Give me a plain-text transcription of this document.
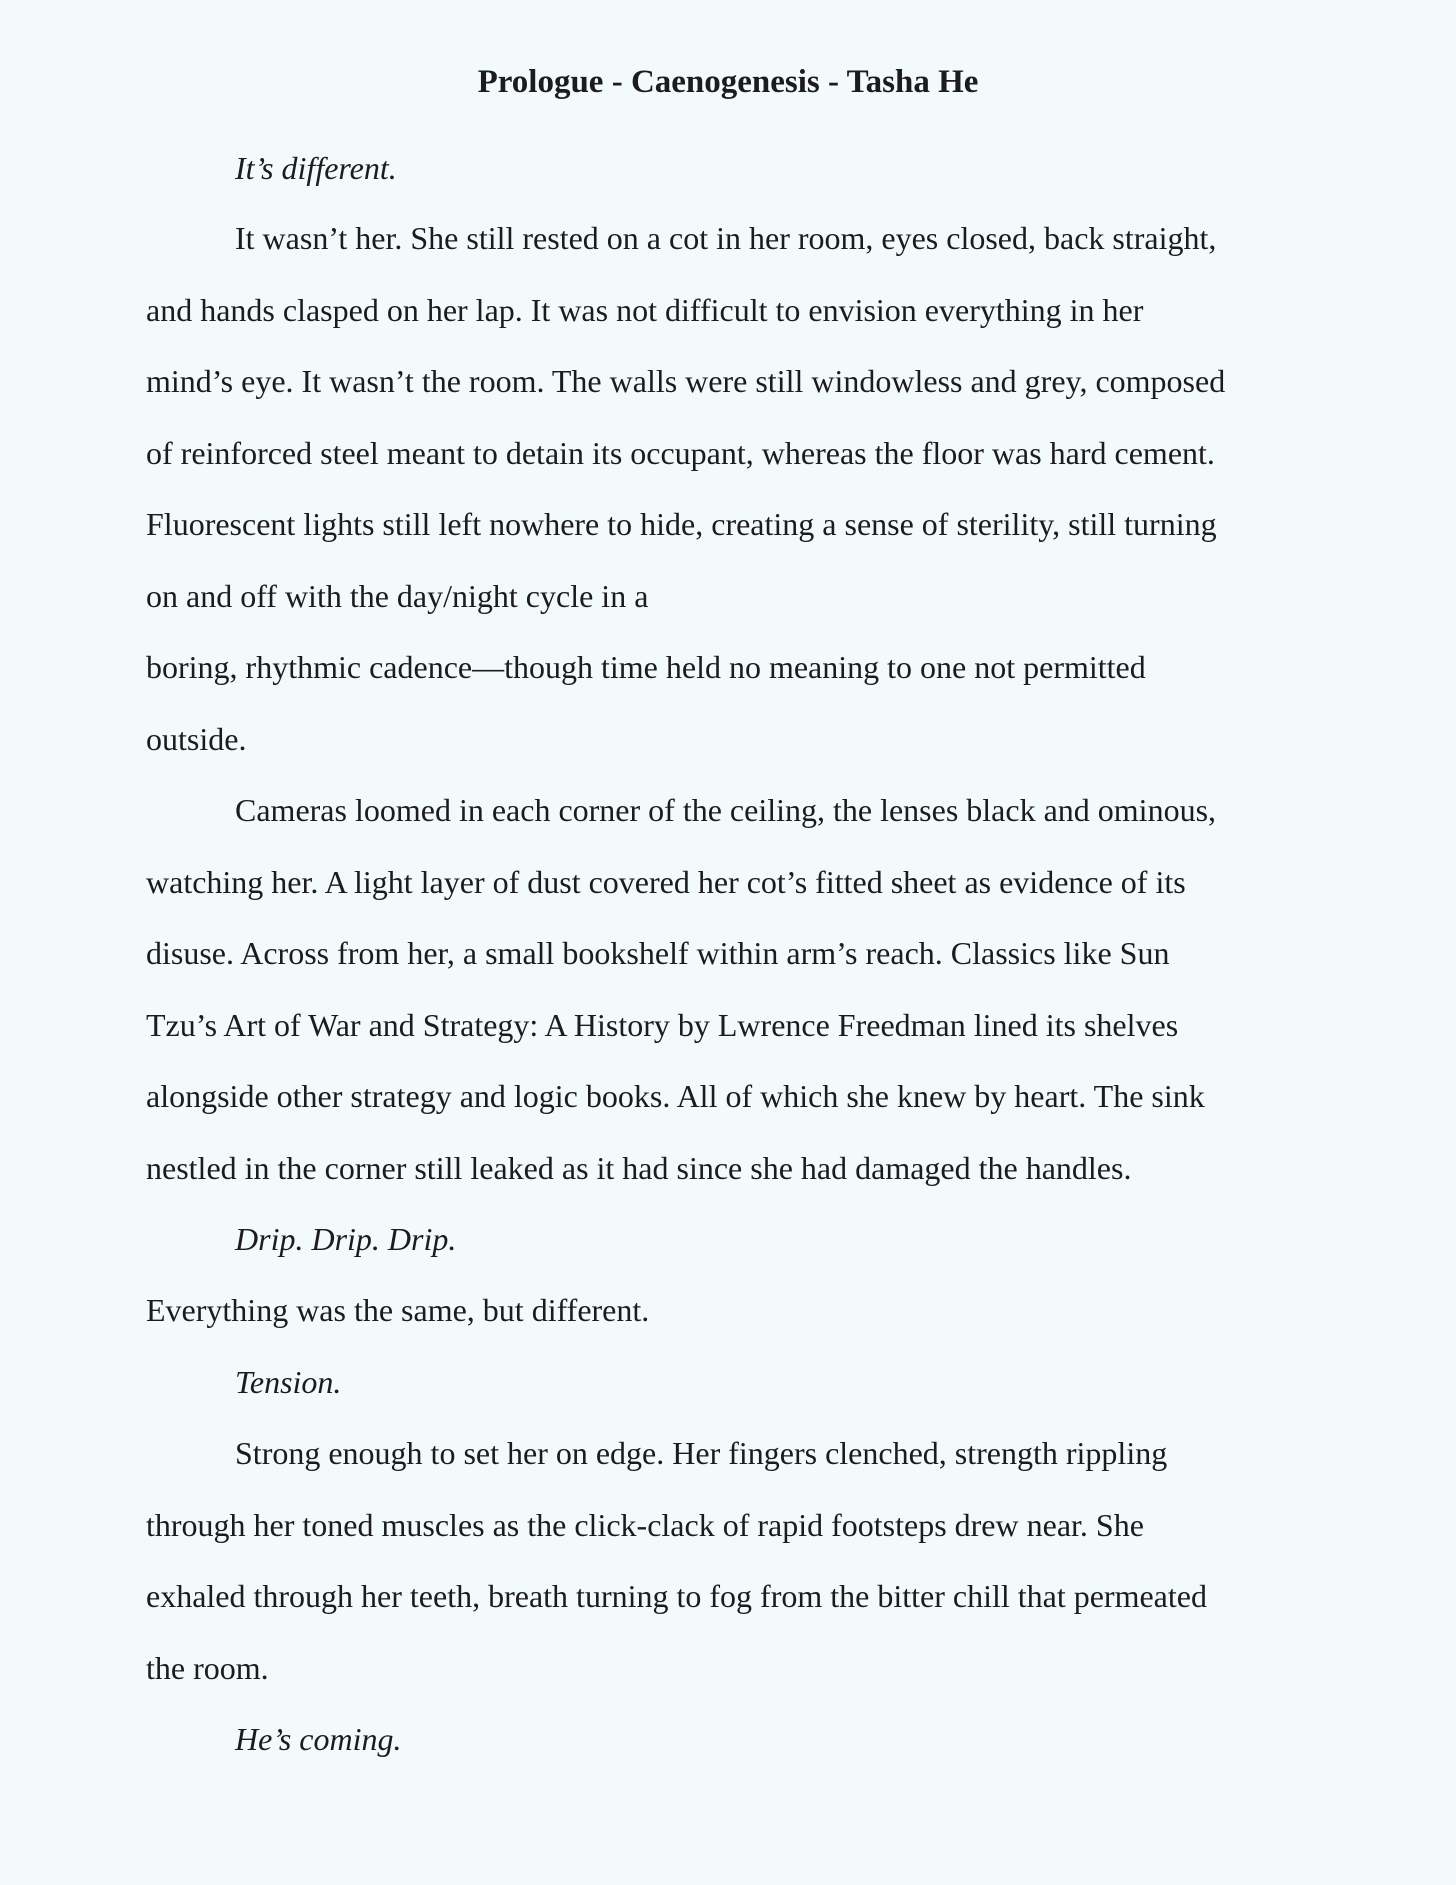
Prologue - Caenogenesis - Tasha He
It’s different.
It wasn’t her. She still rested on a cot in her room, eyes closed, back straight,
and hands clasped on her lap. It was not difficult to envision everything in her
mind’s eye. It wasn’t the room. The walls were still windowless and grey, composed
of reinforced steel meant to detain its occupant, whereas the floor was hard cement.
Fluorescent lights still left nowhere to hide, creating a sense of sterility, still turning
on and off with the day/night cycle in a
boring, rhythmic cadence—though time held no meaning to one not permitted
outside.
Cameras loomed in each corner of the ceiling, the lenses black and ominous,
watching her. A light layer of dust covered her cot’s fitted sheet as evidence of its
disuse. Across from her, a small bookshelf within arm’s reach. Classics like Sun
Tzu’s Art of War and Strategy: A History by Lwrence Freedman lined its shelves
alongside other strategy and logic books. All of which she knew by heart. The sink
nestled in the corner still leaked as it had since she had damaged the handles.
Drip. Drip. Drip.
Everything was the same, but different.
Tension.
Strong enough to set her on edge. Her fingers clenched, strength rippling
through her toned muscles as the click-clack of rapid footsteps drew near. She
exhaled through her teeth, breath turning to fog from the bitter chill that permeated
the room.
He’s coming.
